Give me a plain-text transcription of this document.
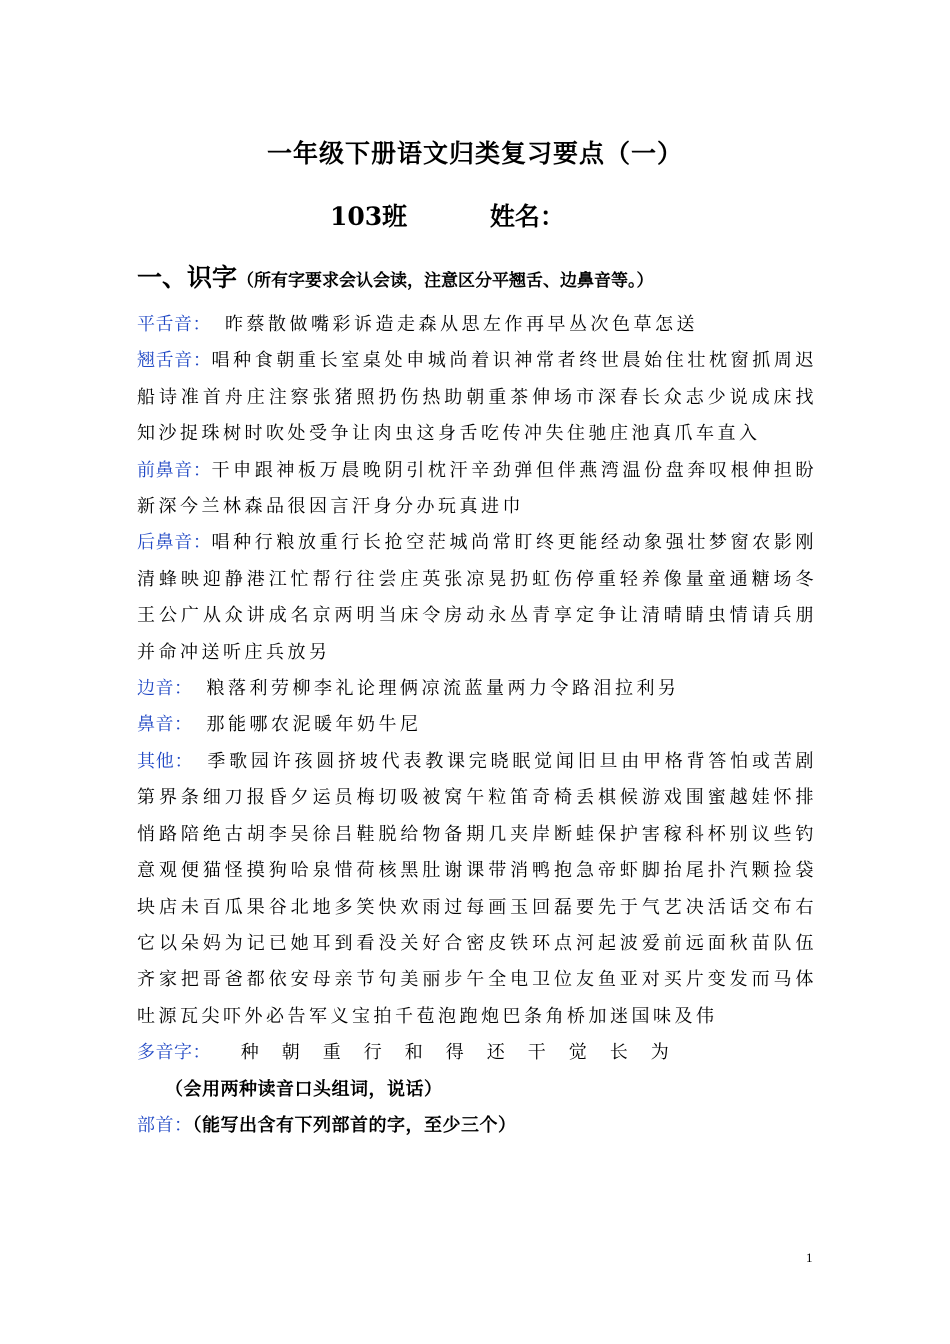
一年级下册语文归类复习要点（一）
103班	姓名：
一、识字（所有字要求会认会读，注意区分平翘舌、边鼻音等。）

平舌音： 昨蔡散做嘴彩诉造走森从思左作再早丛次色草怎送

翘舌音：唱种食朝重长室桌处申城尚着识神常者终世晨始住壮枕窗抓周迟船诗准首舟庄注察张猪照扔伤热助朝重茶伸场市深春长众志少说成床找知沙捉珠树时吹处受争让肉虫这身舌吃传冲失住驰庄池真爪车直入

前鼻音：干申跟神板万晨晚阴引枕汗辛劲弹但伴燕湾温份盘奔叹根伸担盼新深今兰林森品很因言汗身分办玩真进巾

后鼻音：唱种行粮放重行长抢空茫城尚常盯终更能经动象强壮梦窗农影刚清蜂映迎静港江忙帮行往尝庄英张凉晃扔虹伤停重轻养像量童通糖场冬王公广从众讲成名京两明当床令房动永丛青享定争让清晴睛虫情请兵朋并命冲送听庄兵放另

边音： 粮落利劳柳李礼论理俩凉流蓝量两力令路泪拉利另

鼻音： 那能哪农泥暖年奶牛尼

其他： 季歌园许孩圆挤坡代表教课完晓眠觉闻旧旦由甲格背答怕或苦剧第界条细刀报昏夕运员梅切吸被窝午粒笛奇椅丢棋候游戏围蜜越娃怀排悄路陪绝古胡李吴徐吕鞋脱给物备期几夹岸断蛙保护害稼科杯别议些钓意观便猫怪摸狗哈泉惜荷核黑肚谢课带消鸭抱急帝虾脚抬尾扑汽颗捡袋块店未百瓜果谷北地多笑快欢雨过每画玉回磊要先于气艺决活话交布右它以朵妈为记已她耳到看没关好合密皮铁环点河起波爱前远面秋苗队伍齐家把哥爸都依安母亲节句美丽步午全电卫位友鱼亚对买片变发而马体吐源瓦尖吓外必告军义宝拍千苞泡跑炮巴条角桥加迷国味及伟

多音字： 种 朝 重 行 和 得 还 干 觉 长 为

（会用两种读音口头组词，说话）

部首：（能写出含有下列部首的字，至少三个）

1
